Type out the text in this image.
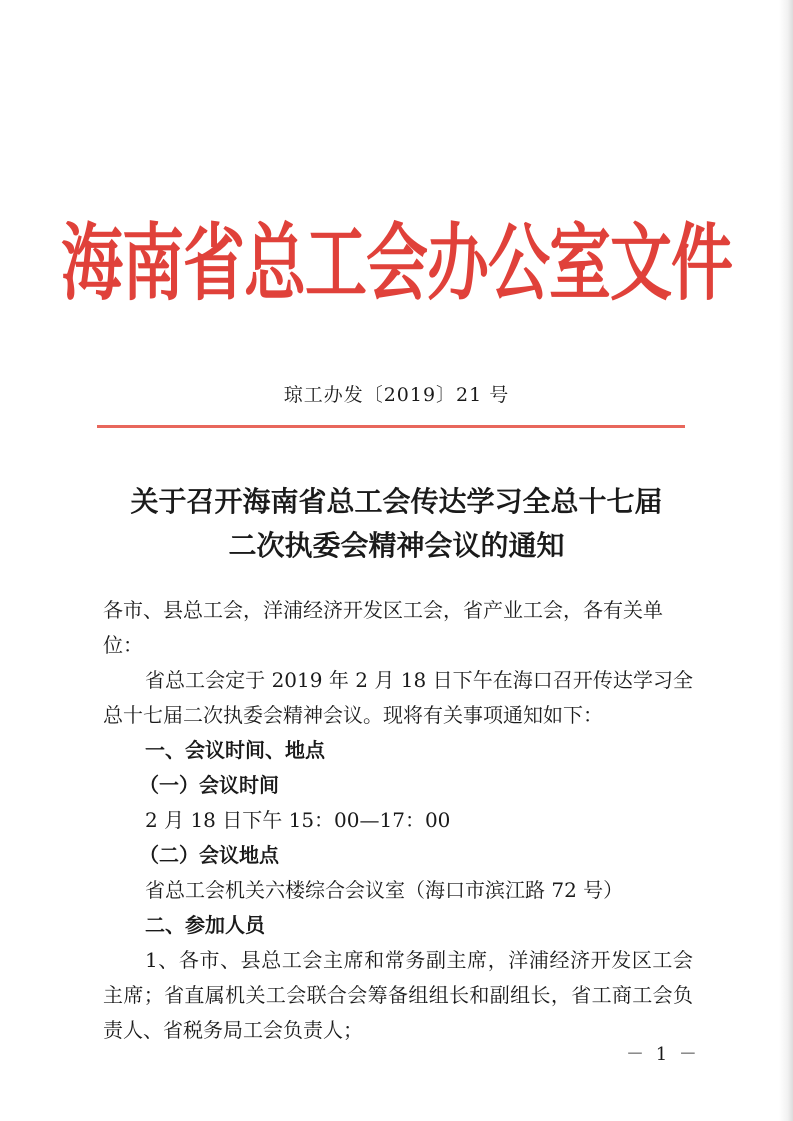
海南省总工会办公室文件
琼工办发〔2019〕21 号
关于召开海南省总工会传达学习全总十七届
二次执委会精神会议的通知

各市、县总工会，洋浦经济开发区工会，省产业工会，各有关单位：

省总工会定于 2019 年 2 月 18 日下午在海口召开传达学习全总十七届二次执委会精神会议。现将有关事项通知如下：

一、会议时间、地点

（一）会议时间

2 月 18 日下午 15：00—17：00

（二）会议地点

省总工会机关六楼综合会议室（海口市滨江路 72 号）

二、参加人员

1、各市、县总工会主席和常务副主席，洋浦经济开发区工会主席；省直属机关工会联合会筹备组组长和副组长，省工商工会负责人、省税务局工会负责人；

－ 1 －
